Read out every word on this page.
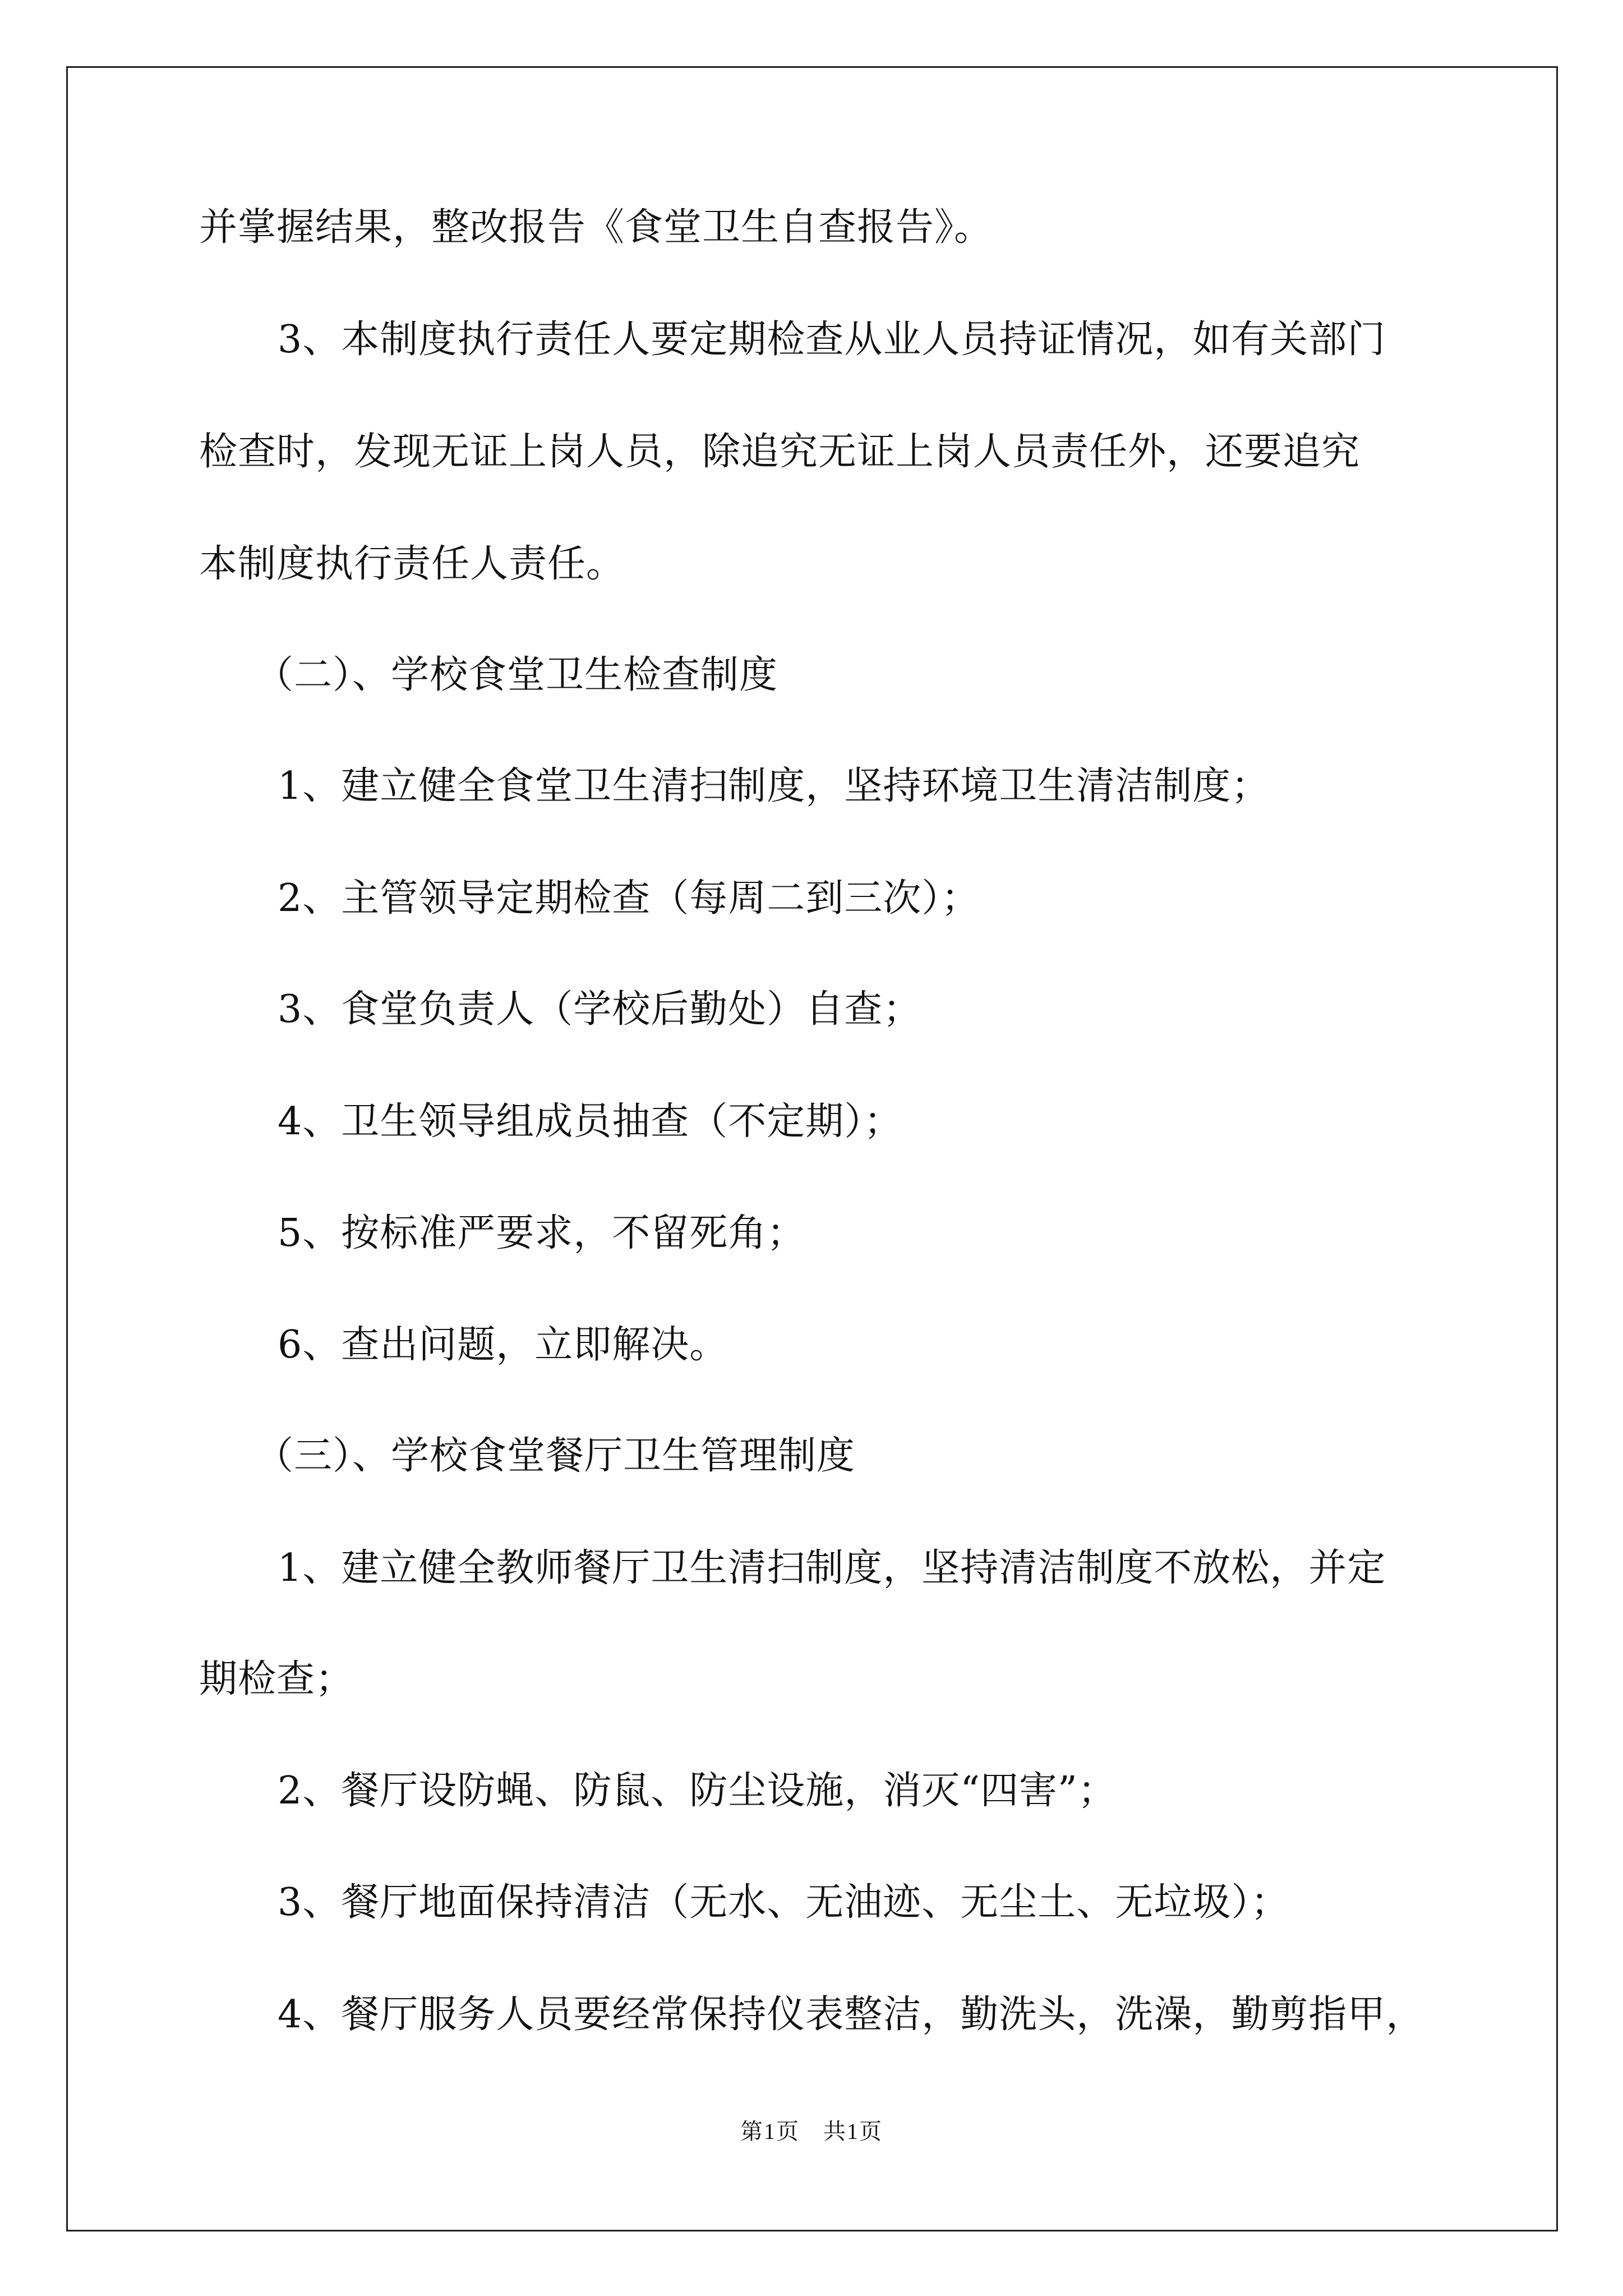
并掌握结果，整改报告《食堂卫生自查报告》。

3、本制度执行责任人要定期检查从业人员持证情况，如有关部门

检查时，发现无证上岗人员，除追究无证上岗人员责任外，还要追究

本制度执行责任人责任。

（二）、学校食堂卫生检查制度

1、建立健全食堂卫生清扫制度，坚持环境卫生清洁制度；

2、主管领导定期检查（每周二到三次）；

3、食堂负责人（学校后勤处）自查；

4、卫生领导组成员抽查（不定期）；

5、按标准严要求，不留死角；

6、查出问题，立即解决。

（三）、学校食堂餐厅卫生管理制度

1、建立健全教师餐厅卫生清扫制度，坚持清洁制度不放松，并定

期检查；

2、餐厅设防蝇、防鼠、防尘设施，消灭“四害”；

3、餐厅地面保持清洁（无水、无油迹、无尘土、无垃圾）；

4、餐厅服务人员要经常保持仪表整洁，勤洗头，洗澡，勤剪指甲，

第1页　共1页
